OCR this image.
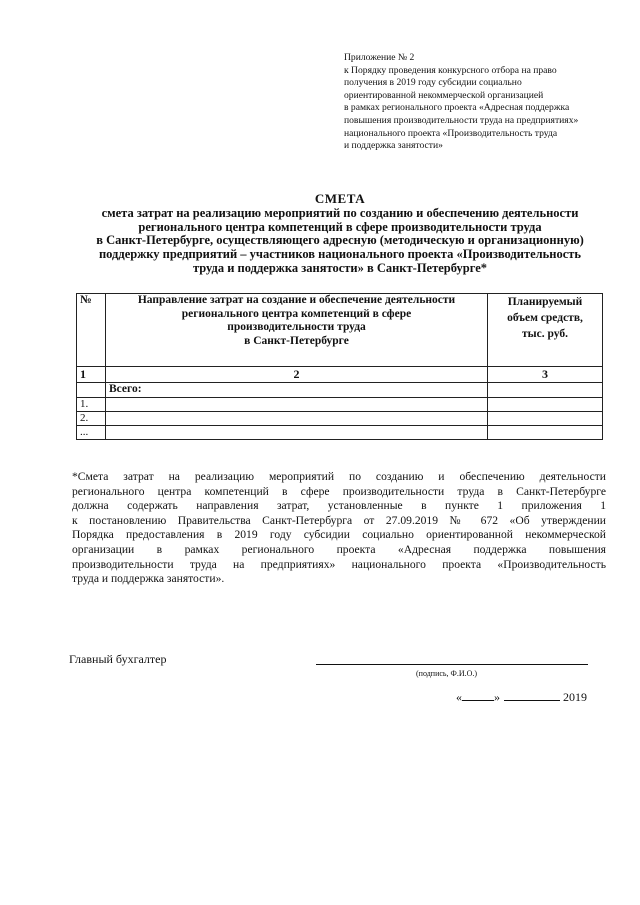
Приложение № 2
к Порядку проведения конкурсного отбора на право
получения в 2019 году субсидии социально
ориентированной некоммерческой организацией
в рамках регионального проекта «Адресная поддержка
повышения производительности труда на предприятиях»
национального проекта «Производительность труда
и поддержка занятости»
СМЕТА
смета затрат на реализацию мероприятий по созданию и обеспечению деятельности
регионального центра компетенций в сфере производительности труда
в Санкт-Петербурге, осуществляющего адресную (методическую и организационную)
поддержку предприятий – участников национального проекта «Производительность
труда и поддержка занятости» в Санкт-Петербурге*
№	Направление затрат на создание и обеспечение деятельности
регионального центра компетенций в сфере
производительности труда
в Санкт-Петербурге	Планируемый
объем средств,
тыс. руб.

1	2	3
	Всего:	
1.		
2.		
...		
*Смета затрат на реализацию мероприятий по созданию и обеспечению деятельности
регионального центра компетенций в сфере производительности труда в Санкт-Петербурге
должна содержать направления затрат, установленные в пункте 1 приложения 1
к постановлению Правительства Санкт-Петербурга от 27.09.2019 № 672 «Об утверждении
Порядка предоставления в 2019 году субсидии социально ориентированной некоммерческой
организации в рамках регионального проекта «Адресная поддержка повышения
производительности труда на предприятиях» национального проекта «Производительность
труда и поддержка занятости».
Главный бухгалтер
(подпись, Ф.И.О.)
«	»	2019
